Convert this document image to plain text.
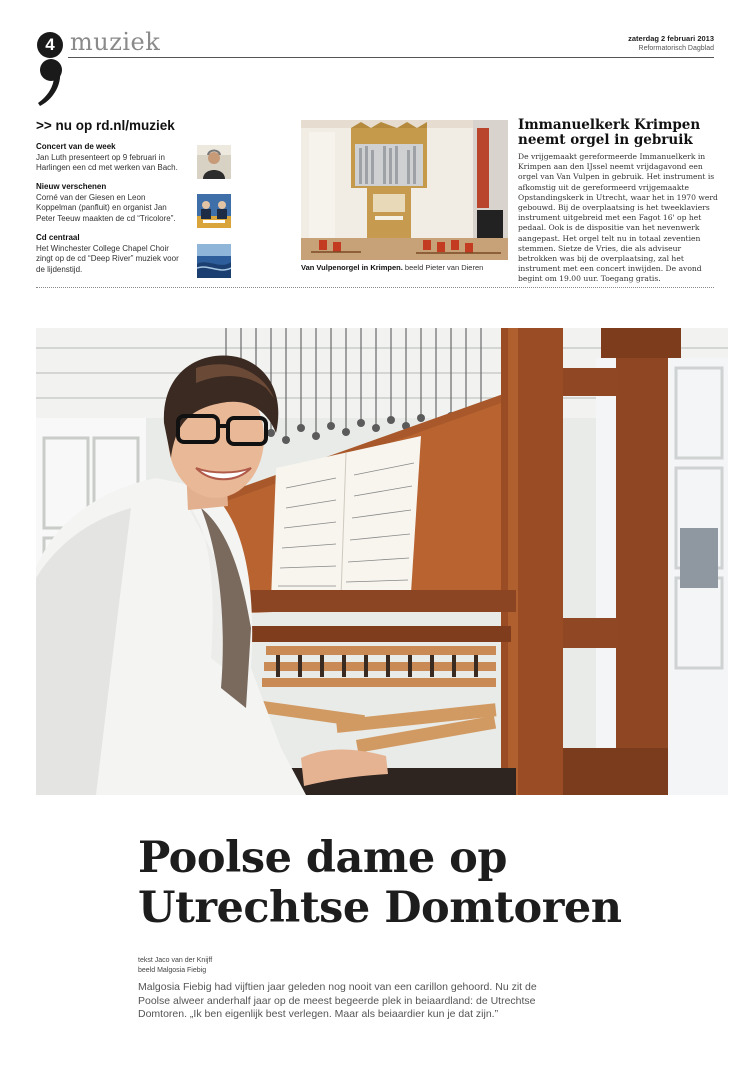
4 muziek	zaterdag 2 februari 2013
Reformatorisch Dagblad
>> nu op rd.nl/muziek
Concert van de week
Jan Luth presenteert op 9 februari in Harlingen een cd met werken van Bach.
Nieuw verschenen
Corné van der Giesen en Leon Koppelman (panfluit) en organist Jan Peter Teeuw maakten de cd “Tricolore”.
Cd centraal
Het Winchester College Chapel Choir zingt op de cd “Deep River” muziek voor de lijdenstijd.	Van Vulpenorgel in Krimpen. beeld Pieter van Dieren
Immanuelkerk Krimpen neemt orgel in gebruik
De vrijgemaakt gereformeerde Immanuelkerk in Krimpen aan den IJssel neemt vrijdagavond een orgel van Van Vulpen in gebruik. Het instrument is afkomstig uit de gereformeerd vrijgemaakte Opstandingskerk in Utrecht, waar het in 1970 werd gebouwd. Bij de overplaatsing is het tweeklaviers instrument uitgebreid met een Fagot 16' op het pedaal. Ook is de dispositie van het nevenwerk aangepast. Het orgel telt nu in totaal zeventien stemmen. Sietze de Vries, die als adviseur betrokken was bij de overplaatsing, zal het instrument met een concert inwijden. De avond begint om 19.00 uur. Toegang gratis.
Poolse dame op Utrechtse Domtoren
tekst Jaco van der Knijff
beeld Malgosia Fiebig
Malgosia Fiebig had vijftien jaar geleden nog nooit van een carillon gehoord. Nu zit de Poolse alweer anderhalf jaar op de meest begeerde plek in beiaardland: de Utrechtse Domtoren. „Ik ben eigenlijk best verlegen. Maar als beiaardier kun je dat zijn.”
